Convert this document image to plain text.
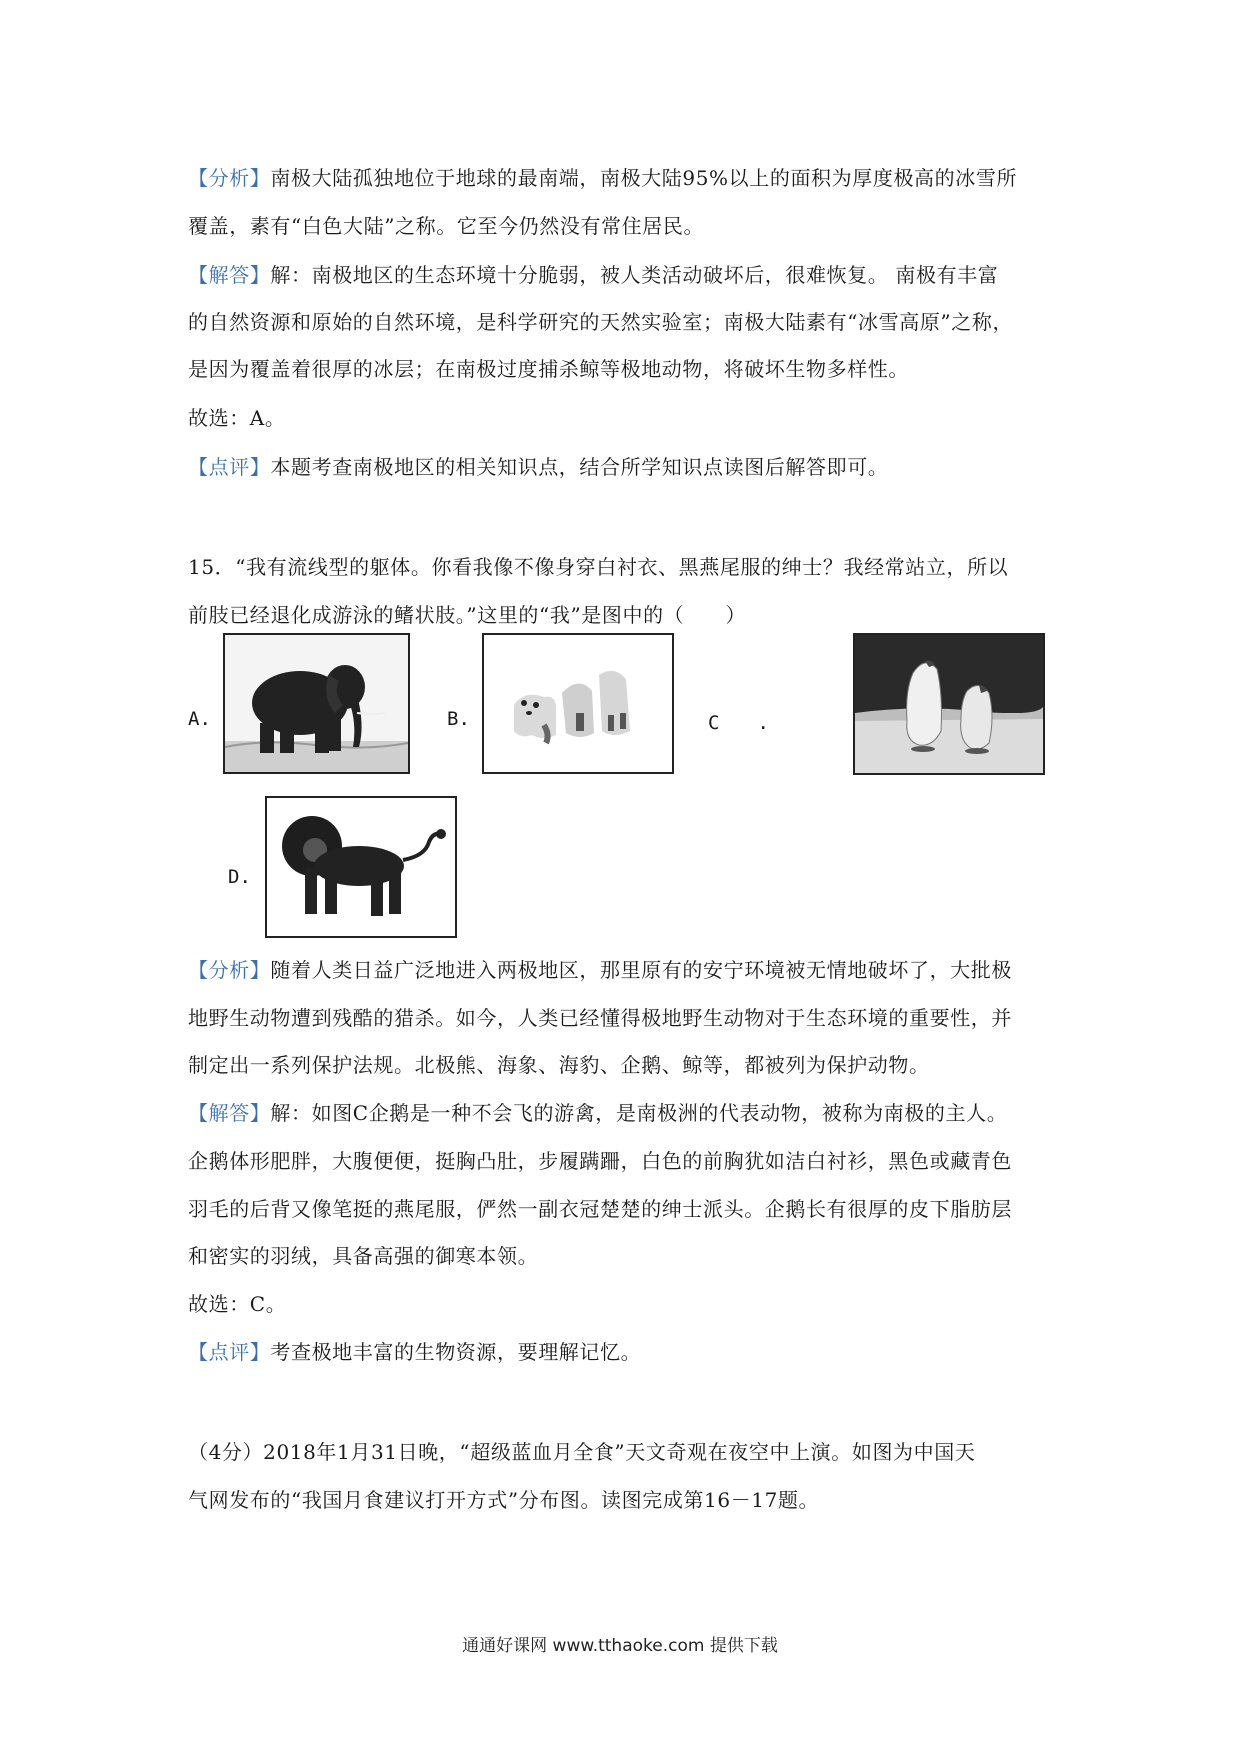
【分析】南极大陆孤独地位于地球的最南端，南极大陆95%以上的面积为厚度极高的冰雪所
覆盖，素有“白色大陆”之称。它至今仍然没有常住居民。
【解答】解：南极地区的生态环境十分脆弱，被人类活动破坏后，很难恢复。 南极有丰富
的自然资源和原始的自然环境，是科学研究的天然实验室；南极大陆素有“冰雪高原”之称，
是因为覆盖着很厚的冰层；在南极过度捕杀鲸等极地动物，将破坏生物多样性。
故选：A。
【点评】本题考查南极地区的相关知识点，结合所学知识点读图后解答即可。
15．“我有流线型的躯体。你看我像不像身穿白衬衣、黑燕尾服的绅士？我经常站立，所以
前肢已经退化成游泳的鳍状肢。”这里的“我”是图中的（　　）
A.	B.	C　　.
D.
【分析】随着人类日益广泛地进入两极地区，那里原有的安宁环境被无情地破坏了，大批极
地野生动物遭到残酷的猎杀。如今，人类已经懂得极地野生动物对于生态环境的重要性，并
制定出一系列保护法规。北极熊、海象、海豹、企鹅、鲸等，都被列为保护动物。
【解答】解：如图C企鹅是一种不会飞的游禽，是南极洲的代表动物，被称为南极的主人。
企鹅体形肥胖，大腹便便，挺胸凸肚，步履蹒跚，白色的前胸犹如洁白衬衫，黑色或藏青色
羽毛的后背又像笔挺的燕尾服，俨然一副衣冠楚楚的绅士派头。企鹅长有很厚的皮下脂肪层
和密实的羽绒，具备高强的御寒本领。
故选：C。
【点评】考查极地丰富的生物资源，要理解记忆。
（4分）2018年1月31日晚，“超级蓝血月全食”天文奇观在夜空中上演。如图为中国天
气网发布的“我国月食建议打开方式”分布图。读图完成第16－17题。
通通好课网 www.tthaoke.com 提供下载
